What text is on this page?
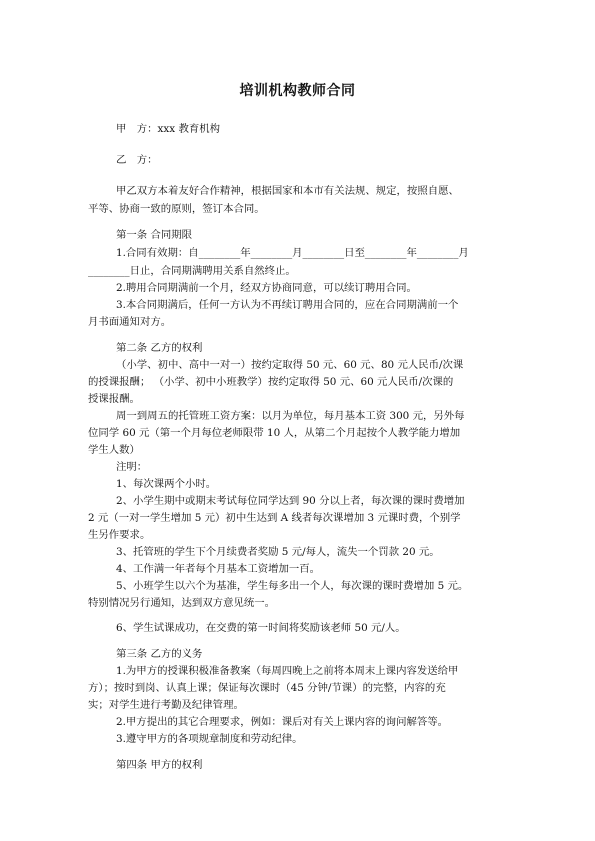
培训机构教师合同
甲　方：xxx 教育机构
乙　方：
甲乙双方本着友好合作精神，根据国家和本市有关法规、规定，按照自愿、
平等、协商一致的原则，签订本合同。
第一条 合同期限
1.合同有效期：自________年________月________日至________年________月
________日止，合同期满聘用关系自然终止。
2.聘用合同期满前一个月，经双方协商同意，可以续订聘用合同。
3.本合同期满后，任何一方认为不再续订聘用合同的，应在合同期满前一个
月书面通知对方。
第二条 乙方的权利
（小学、初中、高中一对一）按约定取得 50 元、60 元、80 元人民币/次课
的授课报酬； （小学、初中小班教学）按约定取得 50 元、60 元人民币/次课的
授课报酬。
周一到周五的托管班工资方案：以月为单位，每月基本工资 300 元，另外每
位同学 60 元（第一个月每位老师限带 10 人，从第二个月起按个人教学能力增加
学生人数）
注明：
1、每次课两个小时。
2、小学生期中或期末考试每位同学达到 90 分以上者，每次课的课时费增加
2 元（一对一学生增加 5 元）初中生达到 A 线者每次课增加 3 元课时费，个别学
生另作要求。
3、托管班的学生下个月续费者奖励 5 元/每人，流失一个罚款 20 元。
4、工作满一年者每个月基本工资增加一百。
5、小班学生以六个为基准，学生每多出一个人，每次课的课时费增加 5 元。
特别情况另行通知，达到双方意见统一。
6、学生试课成功，在交费的第一时间将奖励该老师 50 元/人。
第三条 乙方的义务
1.为甲方的授课积极准备教案（每周四晚上之前将本周末上课内容发送给甲
方）；按时到岗、认真上课；保证每次课时（45 分钟/节课）的完整，内容的充
实；对学生进行考勤及纪律管理。
2.甲方提出的其它合理要求，例如：课后对有关上课内容的询问解答等。
3.遵守甲方的各项规章制度和劳动纪律。
第四条 甲方的权利
